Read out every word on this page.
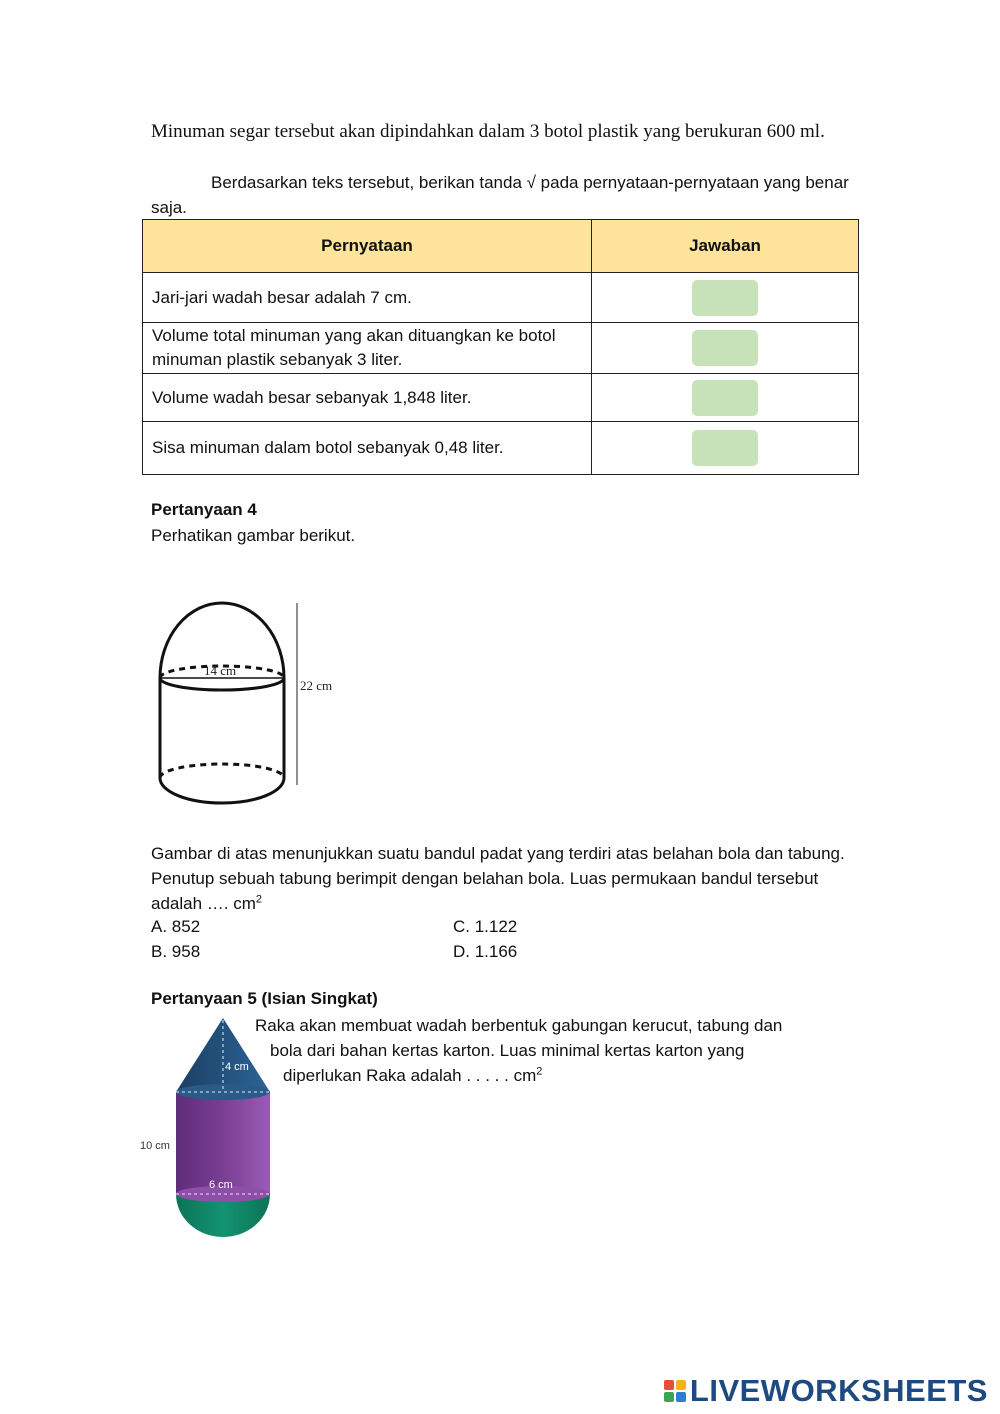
Minuman segar tersebut akan dipindahkan dalam 3 botol plastik yang berukuran 600 ml.
Berdasarkan teks tersebut, berikan tanda √ pada pernyataan-pernyataan yang benar saja.
Pernyataan	Jawaban
Jari-jari wadah besar adalah 7 cm.	
Volume total minuman yang akan dituangkan ke botol minuman plastik sebanyak 3 liter.	
Volume wadah besar sebanyak 1,848 liter.	
Sisa minuman dalam botol sebanyak 0,48 liter.	
Pertanyaan 4
Perhatikan gambar berikut.
14 cm
22 cm
Gambar di atas menunjukkan suatu bandul padat yang terdiri atas belahan bola dan tabung. Penutup sebuah tabung berimpit dengan belahan bola. Luas permukaan bandul tersebut adalah …. $cm^2$
A. 852	C. 1.122
B. 958	D. 1.166
Pertanyaan 5 (Isian Singkat)
Raka akan membuat wadah berbentuk gabungan kerucut, tabung dan
bola dari bahan kertas karton. Luas minimal kertas karton yang
diperlukan Raka adalah . . . . . $cm^2$
4 cm
6 cm
10 cm
LIVEWORKSHEETS
